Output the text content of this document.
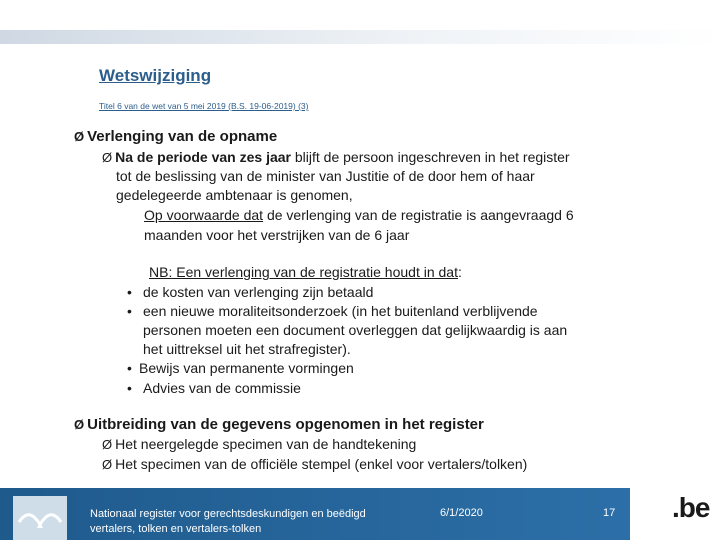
Wetswijziging
Titel 6 van de wet van 5 mei 2019 (B.S. 19-06-2019) (3)
Ø Verlenging van de opname
Ø Na de periode van zes jaar blijft de persoon ingeschreven in het register
tot de beslissing van de minister van Justitie of de door hem of haar
gedelegeerde ambtenaar is genomen,
Op voorwaarde dat de verlenging van de registratie is aangevraagd 6
maanden voor het verstrijken van de 6 jaar
NB: Een verlenging van de registratie houdt in dat:
• de kosten van verlenging zijn betaald
• een nieuwe moraliteitsonderzoek (in het buitenland verblijvende
personen moeten een document overleggen dat gelijkwaardig is aan
het uittreksel uit het strafregister).
• Bewijs van permanente vormingen
• Advies van de commissie
Ø Uitbreiding van de gegevens opgenomen in het register
Ø Het neergelegde specimen van de handtekening
Ø Het specimen van de officiële stempel (enkel voor vertalers/tolken)
Nationaal register voor gerechtsdeskundigen en beëdigd
vertalers, tolken en vertalers-tolken
6/1/2020	17 .be
